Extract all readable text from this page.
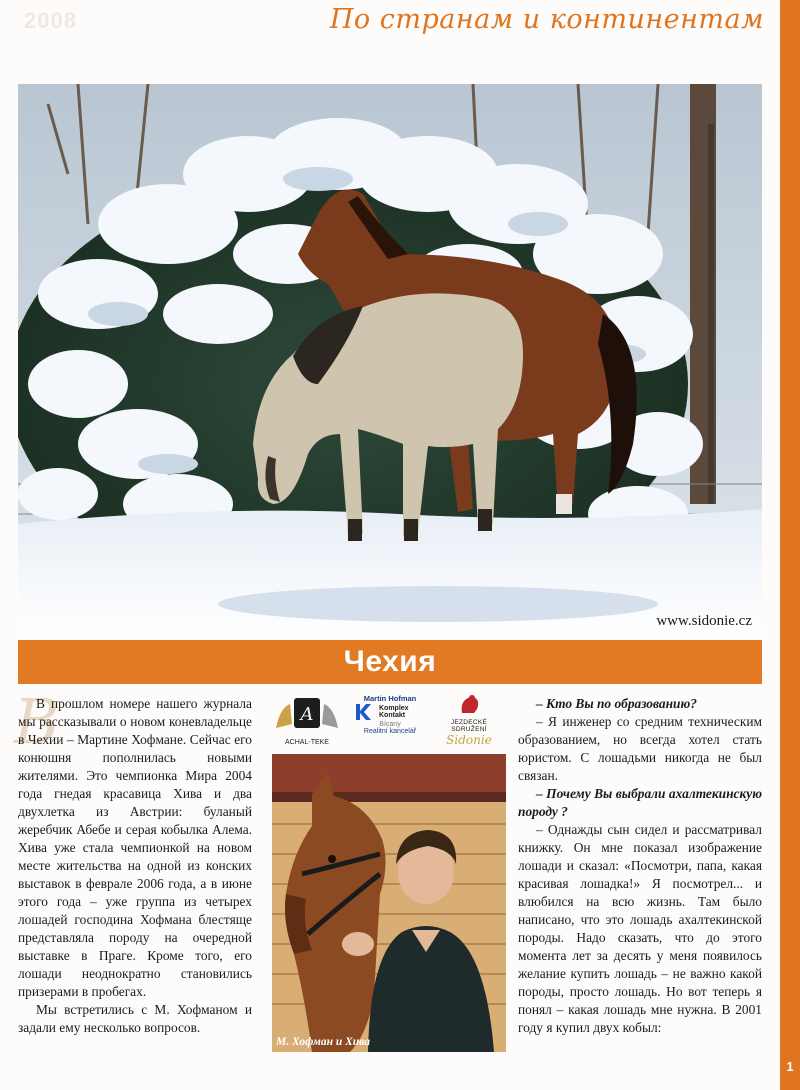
1
2008	По странам и континентам
www.sidonie.cz
Чехия
В

В прошлом номере нашего журнала мы рассказывали о новом коневладельце в Чехии – Мартине Хофмане. Сейчас его конюшня пополнилась новыми жителями. Это чемпионка Мира 2004 года гнедая красавица Хива и два двухлетка из Австрии: буланый жеребчик Абебе и серая кобылка Алема. Хива уже стала чемпионкой на новом месте жительства на одной из конских выставок в феврале 2006 года, а в июне этого года – уже группа из четырех лошадей господина Хофмана блестяще представляла породу на очередной выставке в Праге. Кроме того, его лошади неоднократно становились призерами в пробегах.

Мы встретились с М. Хофманом и задали ему несколько вопросов.

A
ACHAL-TEKE
Martin Hofman
Komplex Kontakt
Bícany
Realitní kancelář
JEZDECKÉ SDRUŽENÍ
Sidonie
М. Хофман и Хива

– Кто Вы по образованию?

– Я инженер со средним техническим образованием, но всегда хотел стать юристом. С лошадьми никогда не был связан.

– Почему Вы выбрали ахалтекинскую породу ?

– Однажды сын сидел и рассматривал книжку. Он мне показал изображение лошади и сказал: «Посмотри, папа, какая красивая лошадка!» Я посмотрел... и влюбился на всю жизнь. Там было написано, что это лошадь ахалтекинской породы. Надо сказать, что до этого момента лет за десять у меня появилось желание купить лошадь – не важно какой породы, просто лошадь. Но вот теперь я понял – какая лошадь мне нужна. В 2001 году я купил двух кобыл:
